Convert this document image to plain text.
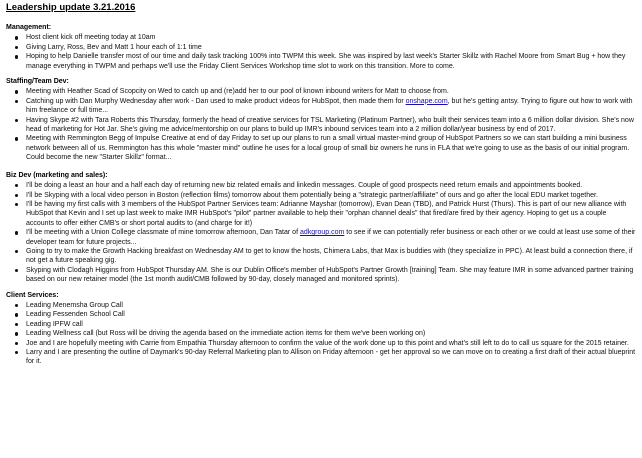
Leadership update 3.21.2016
Management:
Host client kick off meeting today at 10am
Giving Larry, Ross, Bev and Matt 1 hour each of 1:1 time
Hoping to help Danielle transfer most of our time and daily task tracking 100% into TWPM this week. She was inspired by last week's Starter Skillz with Rachel Moore from Smart Bug + how they manage everything in TWPM and perhaps we'll use the Friday Client Services Workshop time slot to work on this transition. More to come.
Staffing/Team Dev:
Meeting with Heather Scad of Scopcity on Wed to catch up and (re)add her to our pool of known inbound writers for Matt to choose from.
Catching up with Dan Murphy Wednesday after work - Dan used to make product videos for HubSpot, then made them for onshape.com, but he's getting antsy. Trying to figure out how to work with him freelance or full time...
Having Skype #2 with Tara Roberts this Thursday, formerly the head of creative services for TSL Marketing (Platinum Partner), who built their services team into a 6 million dollar division. She's now head of marketing for Hot Jar. She's giving me advice/mentorship on our plans to build up IMR's inbound services team into a 2 million dollar/year business by end of 2017.
Meeting with Remmington Begg of Impulse Creative at end of day Friday to set up our plans to run a small virtual master-mind group of HubSpot Partners so we can start building a mini business network between all of us. Remmington has this whole "master mind" outline he uses for a local group of small biz owners he runs in FLA that we're going to use as the basis of our initial program. Could become the new "Starter Skillz" format...
Biz Dev (marketing and sales):
I'll be doing a least an hour and a half each day of returning new biz related emails and linkedin messages. Couple of good prospects need return emails and appointments booked.
I'll be Skyping with a local video person in Boston (reflection films) tomorrow about them potentially being a "strategic partner/affiliate" of ours and go after the local EDU market together.
I'll be having my first calls with 3 members of the HubSpot Partner Services team: Adrianne Mayshar (tomorrow), Evan Dean (TBD), and Patrick Hurst (Thurs). This is part of our new alliance with HubSpot that Kevin and I set up last week to make IMR HubSpot's "pilot" partner available to help their "orphan channel deals" that fired/are fired by their agency. Hoping to get us a couple accounts to offer either CMB's or short portal audits to (and charge for it!)
I'll be meeting with a Union College classmate of mine tomorrow afternoon, Dan Tatar of adkgroup.com to see if we can potentially refer business or each other or we could at least use some of their developer team for future projects...
Going to try to make the Growth Hacking breakfast on Wednesday AM to get to know the hosts, Chimera Labs, that Max is buddies with (they specialize in PPC). At least build a connection there, if not get a future speaking gig.
Skyping with Clodagh Higgins from HubSpot Thursday AM. She is our Dublin Office's member of HubSpot's Partner Growth [training] Team. She may feature IMR in some advanced partner training based on our new retainer model (the 1st month audit/CMB followed by 90-day, closely managed and monitored sprints).
Client Services:
Leading Menemsha Group Call
Leading Fessenden School Call
Leading IPFW call
Leading Wellness call (but Ross will be driving the agenda based on the immediate action items for them we've been working on)
Joe and I are hopefully meeting with Carrie from Empathia Thursday afternoon to confirm the value of the work done up to this point and what's still left to do to call us square for the 2015 retainer.
Larry and I are presenting the outline of Daymark's 90-day Referral Marketing plan to Allison on Friday afternoon - get her approval so we can move on to creating a first draft of their actual blueprint for it.
